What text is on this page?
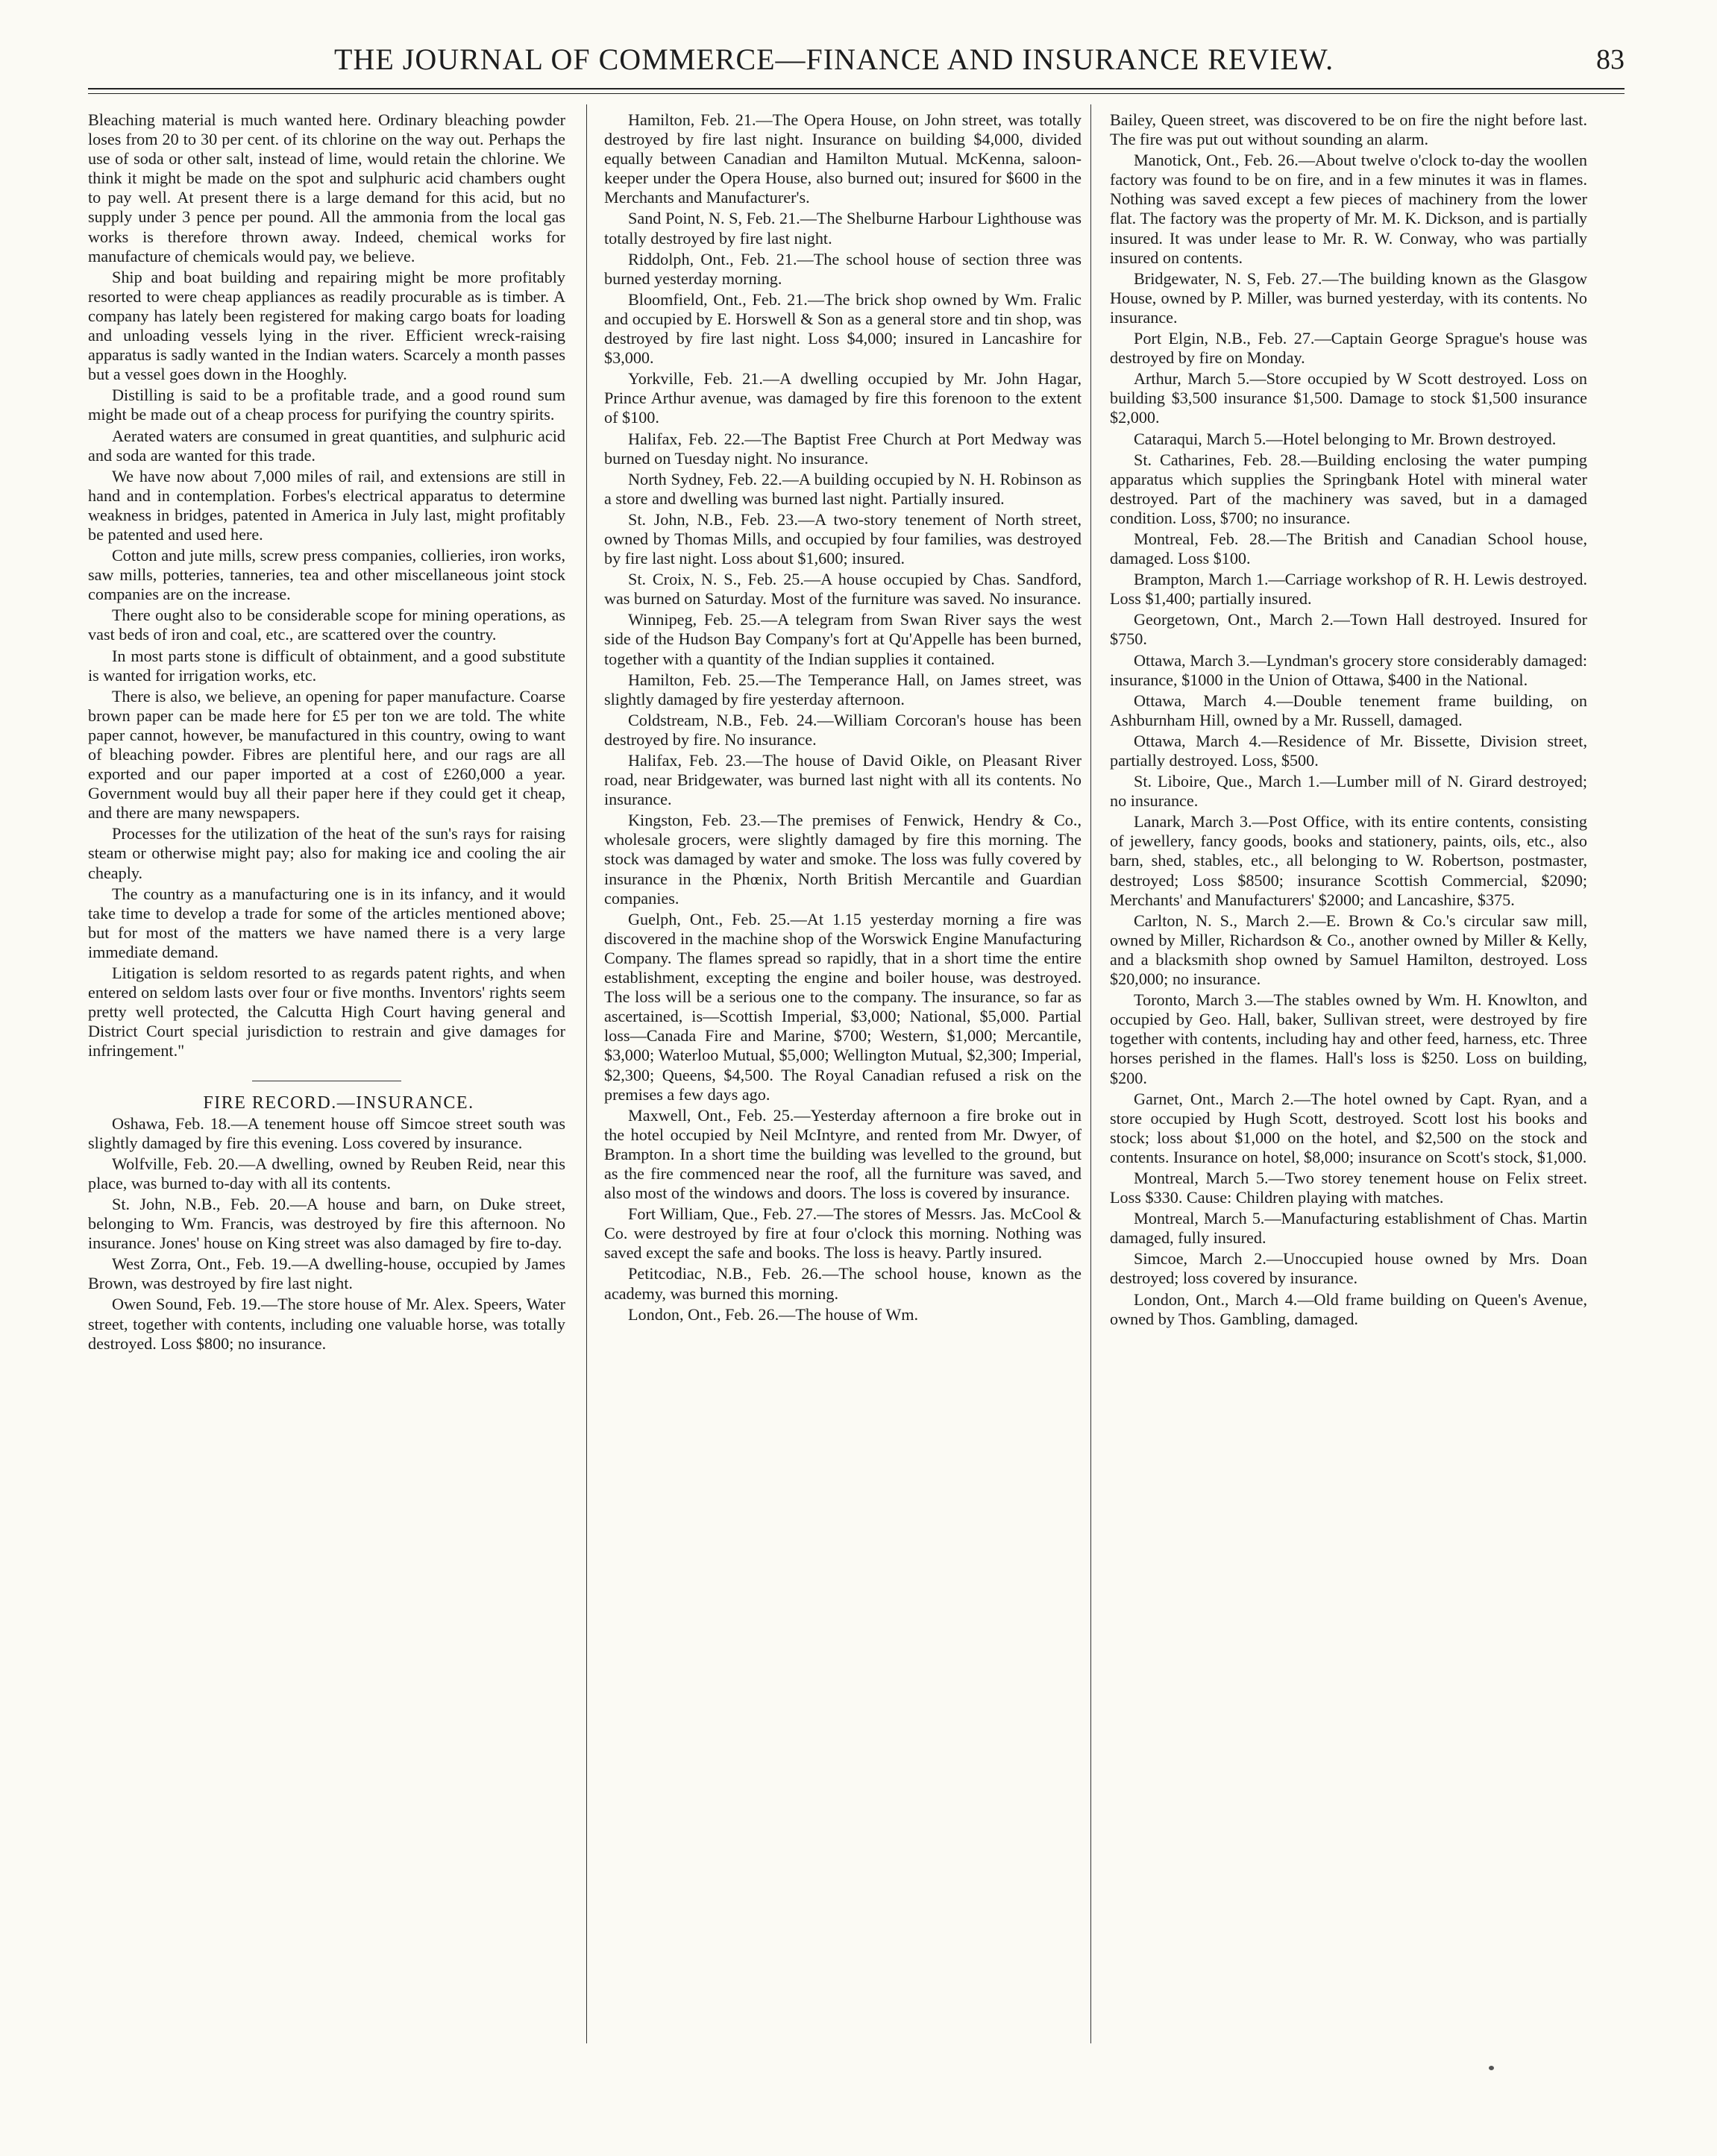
THE JOURNAL OF COMMERCE—FINANCE AND INSURANCE REVIEW.	83

Bleaching material is much wanted here. Ordinary bleaching powder loses from 20 to 30 per cent. of its chlorine on the way out. Perhaps the use of soda or other salt, instead of lime, would retain the chlorine. We think it might be made on the spot and sulphuric acid chambers ought to pay well. At present there is a large demand for this acid, but no supply under 3 pence per pound. All the ammonia from the local gas works is therefore thrown away. Indeed, chemical works for manufacture of chemicals would pay, we believe.

Ship and boat building and repairing might be more profitably resorted to were cheap appliances as readily procurable as is timber. A company has lately been registered for making cargo boats for loading and unloading vessels lying in the river. Efficient wreck-raising apparatus is sadly wanted in the Indian waters. Scarcely a month passes but a vessel goes down in the Hooghly.

Distilling is said to be a profitable trade, and a good round sum might be made out of a cheap process for purifying the country spirits.

Aerated waters are consumed in great quantities, and sulphuric acid and soda are wanted for this trade.

We have now about 7,000 miles of rail, and extensions are still in hand and in contemplation. Forbes's electrical apparatus to determine weakness in bridges, patented in America in July last, might profitably be patented and used here.

Cotton and jute mills, screw press companies, collieries, iron works, saw mills, potteries, tanneries, tea and other miscellaneous joint stock companies are on the increase.

There ought also to be considerable scope for mining operations, as vast beds of iron and coal, etc., are scattered over the country.

In most parts stone is difficult of obtainment, and a good substitute is wanted for irrigation works, etc.

There is also, we believe, an opening for paper manufacture. Coarse brown paper can be made here for £5 per ton we are told. The white paper cannot, however, be manufactured in this country, owing to want of bleaching powder. Fibres are plentiful here, and our rags are all exported and our paper imported at a cost of £260,000 a year. Government would buy all their paper here if they could get it cheap, and there are many newspapers.

Processes for the utilization of the heat of the sun's rays for raising steam or otherwise might pay; also for making ice and cooling the air cheaply.

The country as a manufacturing one is in its infancy, and it would take time to develop a trade for some of the articles mentioned above; but for most of the matters we have named there is a very large immediate demand.

Litigation is seldom resorted to as regards patent rights, and when entered on seldom lasts over four or five months. Inventors' rights seem pretty well protected, the Calcutta High Court having general and District Court special jurisdiction to restrain and give damages for infringement."

FIRE RECORD.—INSURANCE.

Oshawa, Feb. 18.—A tenement house off Simcoe street south was slightly damaged by fire this evening. Loss covered by insurance.

Wolfville, Feb. 20.—A dwelling, owned by Reuben Reid, near this place, was burned to-day with all its contents.

St. John, N.B., Feb. 20.—A house and barn, on Duke street, belonging to Wm. Francis, was destroyed by fire this afternoon. No insurance. Jones' house on King street was also damaged by fire to-day.

West Zorra, Ont., Feb. 19.—A dwelling-house, occupied by James Brown, was destroyed by fire last night.

Owen Sound, Feb. 19.—The store house of Mr. Alex. Speers, Water street, together with contents, including one valuable horse, was totally destroyed. Loss $800; no insurance.

Hamilton, Feb. 21.—The Opera House, on John street, was totally destroyed by fire last night. Insurance on building $4,000, divided equally between Canadian and Hamilton Mutual. McKenna, saloon-keeper under the Opera House, also burned out; insured for $600 in the Merchants and Manufacturer's.

Sand Point, N. S, Feb. 21.—The Shelburne Harbour Lighthouse was totally destroyed by fire last night.

Riddolph, Ont., Feb. 21.—The school house of section three was burned yesterday morning.

Bloomfield, Ont., Feb. 21.—The brick shop owned by Wm. Fralic and occupied by E. Horswell & Son as a general store and tin shop, was destroyed by fire last night. Loss $4,000; insured in Lancashire for $3,000.

Yorkville, Feb. 21.—A dwelling occupied by Mr. John Hagar, Prince Arthur avenue, was damaged by fire this forenoon to the extent of $100.

Halifax, Feb. 22.—The Baptist Free Church at Port Medway was burned on Tuesday night. No insurance.

North Sydney, Feb. 22.—A building occupied by N. H. Robinson as a store and dwelling was burned last night. Partially insured.

St. John, N.B., Feb. 23.—A two-story tenement of North street, owned by Thomas Mills, and occupied by four families, was destroyed by fire last night. Loss about $1,600; insured.

St. Croix, N. S., Feb. 25.—A house occupied by Chas. Sandford, was burned on Saturday. Most of the furniture was saved. No insurance.

Winnipeg, Feb. 25.—A telegram from Swan River says the west side of the Hudson Bay Company's fort at Qu'Appelle has been burned, together with a quantity of the Indian supplies it contained.

Hamilton, Feb. 25.—The Temperance Hall, on James street, was slightly damaged by fire yesterday afternoon.

Coldstream, N.B., Feb. 24.—William Corcoran's house has been destroyed by fire. No insurance.

Halifax, Feb. 23.—The house of David Oikle, on Pleasant River road, near Bridgewater, was burned last night with all its contents. No insurance.

Kingston, Feb. 23.—The premises of Fenwick, Hendry & Co., wholesale grocers, were slightly damaged by fire this morning. The stock was damaged by water and smoke. The loss was fully covered by insurance in the Phœnix, North British Mercantile and Guardian companies.

Guelph, Ont., Feb. 25.—At 1.15 yesterday morning a fire was discovered in the machine shop of the Worswick Engine Manufacturing Company. The flames spread so rapidly, that in a short time the entire establishment, excepting the engine and boiler house, was destroyed. The loss will be a serious one to the company. The insurance, so far as ascertained, is—Scottish Imperial, $3,000; National, $5,000. Partial loss—Canada Fire and Marine, $700; Western, $1,000; Mercantile, $3,000; Waterloo Mutual, $5,000; Wellington Mutual, $2,300; Imperial, $2,300; Queens, $4,500. The Royal Canadian refused a risk on the premises a few days ago.

Maxwell, Ont., Feb. 25.—Yesterday afternoon a fire broke out in the hotel occupied by Neil McIntyre, and rented from Mr. Dwyer, of Brampton. In a short time the building was levelled to the ground, but as the fire commenced near the roof, all the furniture was saved, and also most of the windows and doors. The loss is covered by insurance.

Fort William, Que., Feb. 27.—The stores of Messrs. Jas. McCool & Co. were destroyed by fire at four o'clock this morning. Nothing was saved except the safe and books. The loss is heavy. Partly insured.

Petitcodiac, N.B., Feb. 26.—The school house, known as the academy, was burned this morning.

London, Ont., Feb. 26.—The house of Wm.

Bailey, Queen street, was discovered to be on fire the night before last. The fire was put out without sounding an alarm.

Manotick, Ont., Feb. 26.—About twelve o'clock to-day the woollen factory was found to be on fire, and in a few minutes it was in flames. Nothing was saved except a few pieces of machinery from the lower flat. The factory was the property of Mr. M. K. Dickson, and is partially insured. It was under lease to Mr. R. W. Conway, who was partially insured on contents.

Bridgewater, N. S, Feb. 27.—The building known as the Glasgow House, owned by P. Miller, was burned yesterday, with its contents. No insurance.

Port Elgin, N.B., Feb. 27.—Captain George Sprague's house was destroyed by fire on Monday.

Arthur, March 5.—Store occupied by W Scott destroyed. Loss on building $3,500 insurance $1,500. Damage to stock $1,500 insurance $2,000.

Cataraqui, March 5.—Hotel belonging to Mr. Brown destroyed.

St. Catharines, Feb. 28.—Building enclosing the water pumping apparatus which supplies the Springbank Hotel with mineral water destroyed. Part of the machinery was saved, but in a damaged condition. Loss, $700; no insurance.

Montreal, Feb. 28.—The British and Canadian School house, damaged. Loss $100.

Brampton, March 1.—Carriage workshop of R. H. Lewis destroyed. Loss $1,400; partially insured.

Georgetown, Ont., March 2.—Town Hall destroyed. Insured for $750.

Ottawa, March 3.—Lyndman's grocery store considerably damaged: insurance, $1000 in the Union of Ottawa, $400 in the National.

Ottawa, March 4.—Double tenement frame building, on Ashburnham Hill, owned by a Mr. Russell, damaged.

Ottawa, March 4.—Residence of Mr. Bissette, Division street, partially destroyed. Loss, $500.

St. Liboire, Que., March 1.—Lumber mill of N. Girard destroyed; no insurance.

Lanark, March 3.—Post Office, with its entire contents, consisting of jewellery, fancy goods, books and stationery, paints, oils, etc., also barn, shed, stables, etc., all belonging to W. Robertson, postmaster, destroyed; Loss $8500; insurance Scottish Commercial, $2090; Merchants' and Manufacturers' $2000; and Lancashire, $375.

Carlton, N. S., March 2.—E. Brown & Co.'s circular saw mill, owned by Miller, Richardson & Co., another owned by Miller & Kelly, and a blacksmith shop owned by Samuel Hamilton, destroyed. Loss $20,000; no insurance.

Toronto, March 3.—The stables owned by Wm. H. Knowlton, and occupied by Geo. Hall, baker, Sullivan street, were destroyed by fire together with contents, including hay and other feed, harness, etc. Three horses perished in the flames. Hall's loss is $250. Loss on building, $200.

Garnet, Ont., March 2.—The hotel owned by Capt. Ryan, and a store occupied by Hugh Scott, destroyed. Scott lost his books and stock; loss about $1,000 on the hotel, and $2,500 on the stock and contents. Insurance on hotel, $8,000; insurance on Scott's stock, $1,000.

Montreal, March 5.—Two storey tenement house on Felix street. Loss $330. Cause: Children playing with matches.

Montreal, March 5.—Manufacturing establishment of Chas. Martin damaged, fully insured.

Simcoe, March 2.—Unoccupied house owned by Mrs. Doan destroyed; loss covered by insurance.

London, Ont., March 4.—Old frame building on Queen's Avenue, owned by Thos. Gambling, damaged.
